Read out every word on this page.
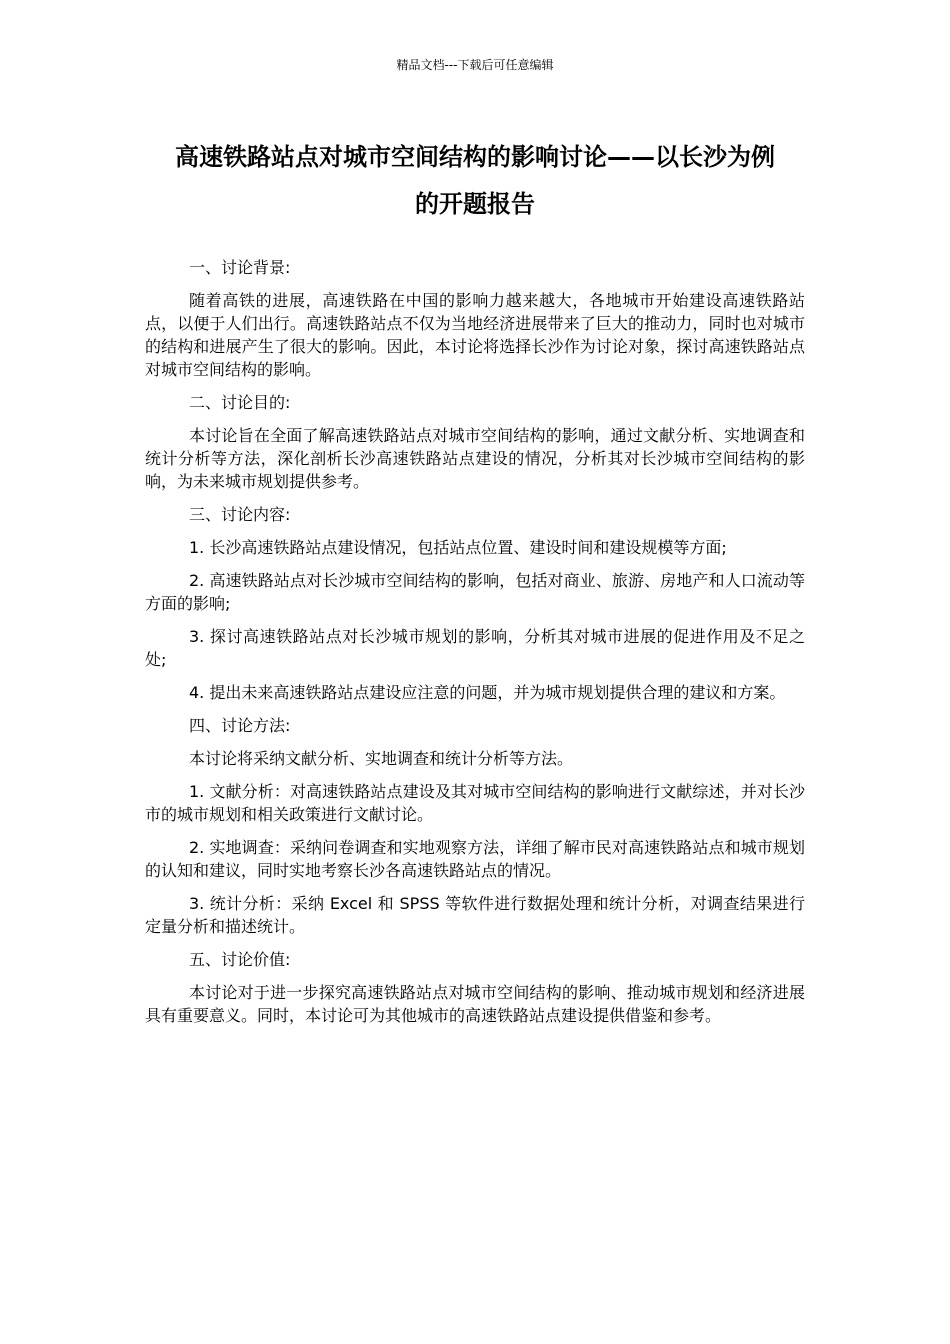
精品文档---下载后可任意编辑
高速铁路站点对城市空间结构的影响讨论——以长沙为例
的开题报告

一、讨论背景:

随着高铁的进展，高速铁路在中国的影响力越来越大，各地城市开始建设高速铁路站点，以便于人们出行。高速铁路站点不仅为当地经济进展带来了巨大的推动力，同时也对城市的结构和进展产生了很大的影响。因此，本讨论将选择长沙作为讨论对象，探讨高速铁路站点对城市空间结构的影响。

二、讨论目的:

本讨论旨在全面了解高速铁路站点对城市空间结构的影响，通过文献分析、实地调查和统计分析等方法，深化剖析长沙高速铁路站点建设的情况，分析其对长沙城市空间结构的影响，为未来城市规划提供参考。

三、讨论内容:

1. 长沙高速铁路站点建设情况，包括站点位置、建设时间和建设规模等方面;

2. 高速铁路站点对长沙城市空间结构的影响，包括对商业、旅游、房地产和人口流动等方面的影响;

3. 探讨高速铁路站点对长沙城市规划的影响，分析其对城市进展的促进作用及不足之处;

4. 提出未来高速铁路站点建设应注意的问题，并为城市规划提供合理的建议和方案。

四、讨论方法:

本讨论将采纳文献分析、实地调查和统计分析等方法。

1. 文献分析：对高速铁路站点建设及其对城市空间结构的影响进行文献综述，并对长沙市的城市规划和相关政策进行文献讨论。

2. 实地调查：采纳问卷调查和实地观察方法，详细了解市民对高速铁路站点和城市规划的认知和建议，同时实地考察长沙各高速铁路站点的情况。

3. 统计分析：采纳 Excel 和 SPSS 等软件进行数据处理和统计分析，对调查结果进行定量分析和描述统计。

五、讨论价值:

本讨论对于进一步探究高速铁路站点对城市空间结构的影响、推动城市规划和经济进展具有重要意义。同时，本讨论可为其他城市的高速铁路站点建设提供借鉴和参考。
